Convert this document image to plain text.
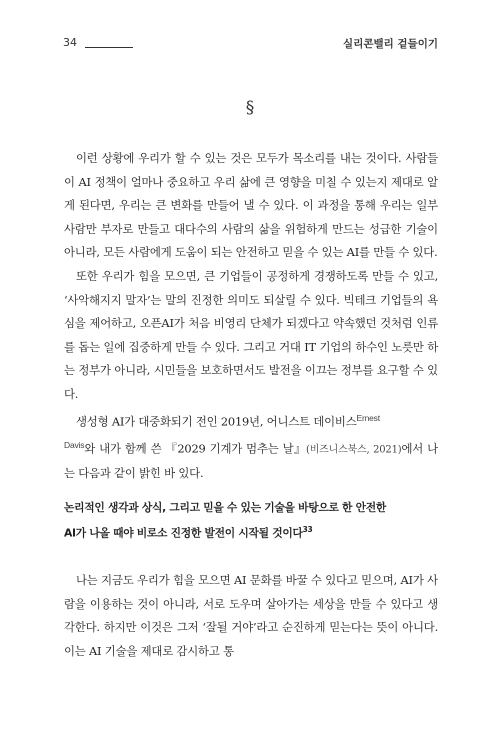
34	실리콘밸리 겉들이기
§

이런 상황에 우리가 할 수 있는 것은 모두가 목소리를 내는 것이다. 사람들이 AI 정책이 얼마나 중요하고 우리 삶에 큰 영향을 미칠 수 있는지 제대로 알게 된다면, 우리는 큰 변화를 만들어 낼 수 있다. 이 과정을 통해 우리는 일부 사람만 부자로 만들고 대다수의 사람의 삶을 위험하게 만드는 성급한 기술이 아니라, 모든 사람에게 도움이 되는 안전하고 믿을 수 있는 AI를 만들 수 있다.

또한 우리가 힘을 모으면, 큰 기업들이 공정하게 경쟁하도록 만들 수 있고, ‘사악해지지 말자’는 말의 진정한 의미도 되살릴 수 있다. 빅테크 기업들의 욕심을 제어하고, 오픈AI가 처음 비영리 단체가 되겠다고 약속했던 것처럼 인류를 돕는 일에 집중하게 만들 수 있다. 그리고 거대 IT 기업의 하수인 노릇만 하는 정부가 아니라, 시민들을 보호하면서도 발전을 이끄는 정부를 요구할 수 있다.

생성형 AI가 대중화되기 전인 2019년, 어니스트 데이비스$^{Ernest}$
$^{Davis}$와 내가 함께 쓴 『2029 기계가 멈추는 날』(비즈니스북스, 2021)에서 나는 다음과 같이 밝힌 바 있다.

논리적인 생각과 상식, 그리고 믿을 수 있는 기술을 바탕으로 한 안전한

AI가 나올 때야 비로소 진정한 발전이 시작될 것이다$^{33}$

나는 지금도 우리가 힘을 모으면 AI 문화를 바꿀 수 있다고 믿으며, AI가 사람을 이용하는 것이 아니라, 서로 도우며 살아가는 세상을 만들 수 있다고 생각한다. 하지만 이것은 그저 ‘잘될 거야’라고 순진하게 믿는다는 뜻이 아니다. 이는 AI 기술을 제대로 감시하고 통
